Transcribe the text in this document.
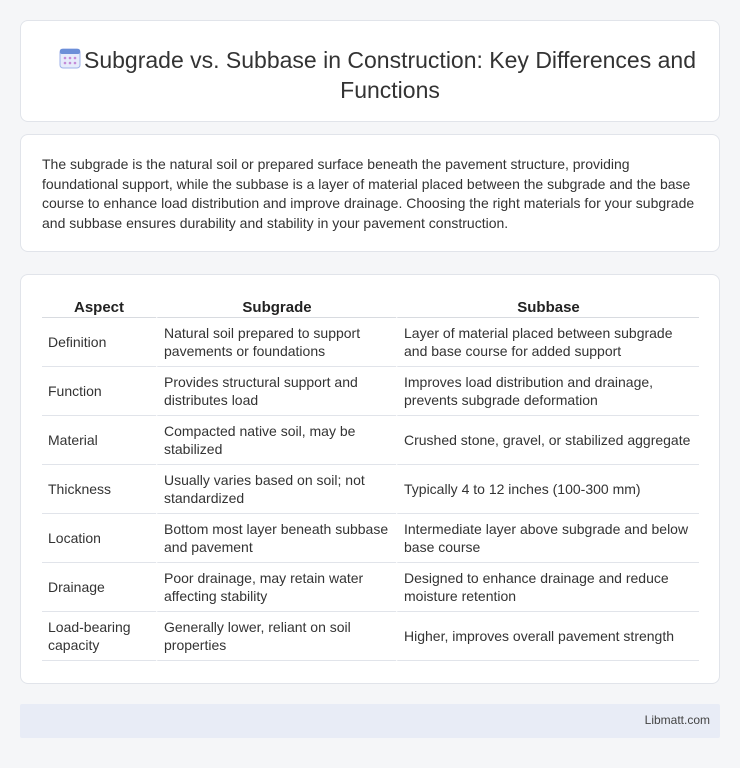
Subgrade vs. Subbase in Construction: Key Differences and Functions

The subgrade is the natural soil or prepared surface beneath the pavement structure, providing foundational support, while the subbase is a layer of material placed between the subgrade and the base course to enhance load distribution and improve drainage. Choosing the right materials for your subgrade and subbase ensures durability and stability in your pavement construction.

Aspect	Subgrade	Subbase
Definition	Natural soil prepared to support pavements or foundations	Layer of material placed between subgrade and base course for added support
Function	Provides structural support and distributes load	Improves load distribution and drainage, prevents subgrade deformation
Material	Compacted native soil, may be stabilized	Crushed stone, gravel, or stabilized aggregate
Thickness	Usually varies based on soil; not standardized	Typically 4 to 12 inches (100-300 mm)
Location	Bottom most layer beneath subbase and pavement	Intermediate layer above subgrade and below base course
Drainage	Poor drainage, may retain water affecting stability	Designed to enhance drainage and reduce moisture retention
Load-bearing capacity	Generally lower, reliant on soil properties	Higher, improves overall pavement strength
Libmatt.com
